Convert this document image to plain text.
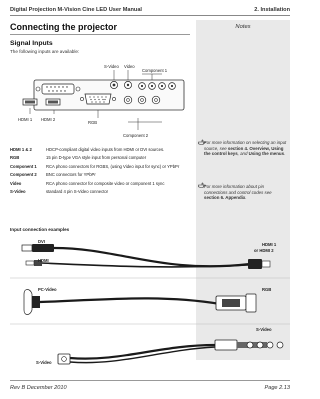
Digital Projection M-Vision Cine LED User Manual	2. Installation
Notes
For more information on selecting an input source, see section 4. Overview, Using the control keys, and Using the menus.
For more information about pin connections and control codes see section 6. Appendix.
Connecting the projector
Signal Inputs
The following inputs are available:
S-Video Video
Component 1
HDMI 1 HDMI 2
RGB
Component 2
HDMI 1 & 2	HDCP-compliant digital video inputs from HDMI or DVI sources.
RGB	15 pin D-type VGA style input from personal computer
Component 1	RCA phono connectors for RGBS, (using Video input for sync) or YPbPr
Component 2	BNC connectors for YPbPr
Video	RCA phono connector for composite video or component 1 sync
S-Video	standard 4 pin S-Video connector
Input connection examples
DVI
HDMI
HDMI 1
or HDMI 2
PC-Video	RGB
S-Video
S-Video
Rev B December 2010	Page 2.13
